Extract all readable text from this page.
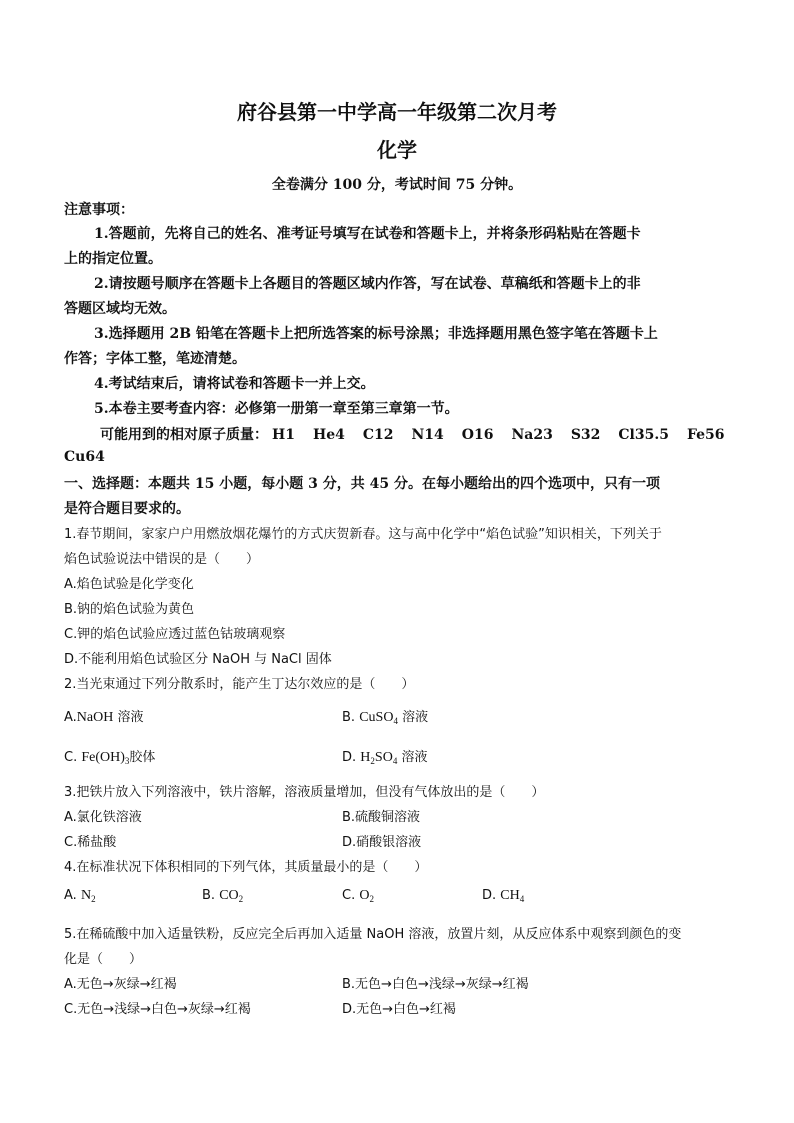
府谷县第一中学高一年级第二次月考
化学
全卷满分 100 分，考试时间 75 分钟。
注意事项：
1.答题前，先将自己的姓名、准考证号填写在试卷和答题卡上，并将条形码粘贴在答题卡
上的指定位置。
2.请按题号顺序在答题卡上各题目的答题区域内作答，写在试卷、草稿纸和答题卡上的非
答题区域均无效。
3.选择题用 2B 铅笔在答题卡上把所选答案的标号涂黑；非选择题用黑色签字笔在答题卡上
作答；字体工整，笔迹清楚。
4.考试结束后，请将试卷和答题卡一并上交。
5.本卷主要考查内容：必修第一册第一章至第三章第一节。
可能用到的相对原子质量： H1 He4 C12 N14 O16 Na23 S32 Cl35.5 Fe56
Cu64
一、选择题：本题共 15 小题，每小题 3 分，共 45 分。在每小题给出的四个选项中，只有一项
是符合题目要求的。
1.春节期间，家家户户用燃放烟花爆竹的方式庆贺新春。这与高中化学中“焰色试验”知识相关，下列关于
焰色试验说法中错误的是（　　）
A.焰色试验是化学变化
B.钠的焰色试验为黄色
C.钾的焰色试验应透过蓝色钴玻璃观察
D.不能利用焰色试验区分 NaOH 与 NaCl 固体
2.当光束通过下列分散系时，能产生丁达尔效应的是（　　）
A.NaOH 溶液	B. CuSO$_4$ 溶液
C. $Fe(OH)_3$胶体	D. $H_2SO_4$ 溶液
3.把铁片放入下列溶液中，铁片溶解，溶液质量增加，但没有气体放出的是（　　）
A.氯化铁溶液	B.硫酸铜溶液
C.稀盐酸	D.硝酸银溶液
4.在标准状况下体积相同的下列气体，其质量最小的是（　　）
A. $N_2$	B. $CO_2$	C. $O_2$	D. $CH_4$
5.在稀硫酸中加入适量铁粉，反应完全后再加入适量 NaOH 溶液，放置片刻，从反应体系中观察到颜色的变
化是（　　）
A.无色→灰绿→红褐	B.无色→白色→浅绿→灰绿→红褐
C.无色→浅绿→白色→灰绿→红褐	D.无色→白色→红褐
